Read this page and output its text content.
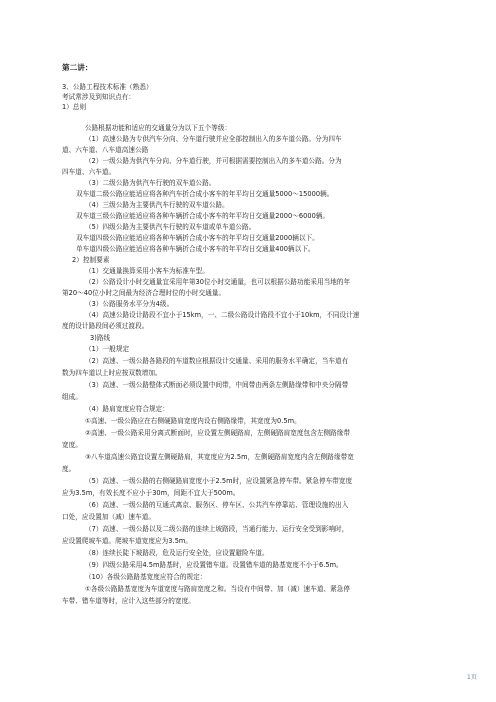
第二讲：
3、公路工程技术标准（熟悉）
考试常涉及到知识点有：
1）总则
公路根据功能和适应的交通量分为以下五个等级：
（1）高速公路为专供汽车分向、分车道行驶并应全部控制出入的多车道公路。分为四车
道、六车道、八车道高速公路
（2）一级公路为供汽车分向、分车道行驶，并可根据需要控制出入的多车道公路。分为
四车道、六车道。
（3）二级公路为供汽车行驶的双车道公路。
双车道二级公路应能适应将各种汽车折合成小客车的年平均日交通量5000～15000辆。
（4）三级公路为主要供汽车行驶的双车道公路。
双车道三级公路应能适应将各种车辆折合成小客车的年平均日交通量2000～6000辆。
（5）四级公路为主要供汽车行驶的双车道或单车道公路。
双车道四级公路应能适应将各种车辆折合成小客车的年平均日交通量2000辆以下。
单车道四级公路应能适应将各种车辆折合成小客车的年平均日交通量400辆以下。
2）控制要素
（1）交通量换算采用小客车为标准车型。
（2）公路设计小时交通量宜采用年第30位小时交通量，也可以根据公路功能采用当地的年
第20～40位小时之间最为经济合理时位的小时交通量。
（3）公路服务水平分为4级。
（4）高速公路设计路段不宜小于15km，一、二级公路设计路段不宜小于10km，不同设计速
度的设计路段间必须过渡段。
3)路线
（1）一般规定
（2）高速、一级公路各路段的车道数应根据设计交通量、采用的服务水平确定，当车道有
数为四车道以上时应按双数增加。
（3）高速、一级公路整体式断面必须设置中间带，中间带由两条左侧路缘带和中央分隔带
组成。
（4）路肩宽度应符合规定：
①高速、一级公路应在右侧硬路肩宽度内设右侧路缘带，其宽度为0.5m。
②高速、一级公路采用分离式断面时，应设置左侧硬路肩，左侧硬路肩宽度包含左侧路缘带
宽度。
③八车道高速公路宜设置左侧硬路肩，其宽度应为2.5m，左侧硬路肩宽度内含左侧路缘带宽
度。
（5）高速、一级公路的右侧硬路肩宽度小于2.5m时，应设置紧急停车带。紧急停车带宽度
应为3.5m，有效长度不应小于30m，间距不宜大于500m。
（6）高速、一级公路的互通式离京、服务区、停车区、公共汽车停靠站、管理设施的出入
口处，应设置加（减）速车道。
（7）高速、一级公路以及二级公路的连续上坡路段，当通行能力、运行安全受到影响时，
应设置爬坡车道。爬坡车道宽度应为3.5m。
（8）连续长陡下坡路段，危及运行安全处，应设置避险车道。
（9）四级公路采用4.5m路基时，应设置错车道。设置错车道的路基宽度不小于6.5m。
（10）各级公路路基宽度应符合的规定：
①各级公路路基宽度为车道宽度与路肩宽度之和。当设有中间带、加（减）速车道、紧急停
车带、错车道等时，应计入这些部分的宽度。
1页
